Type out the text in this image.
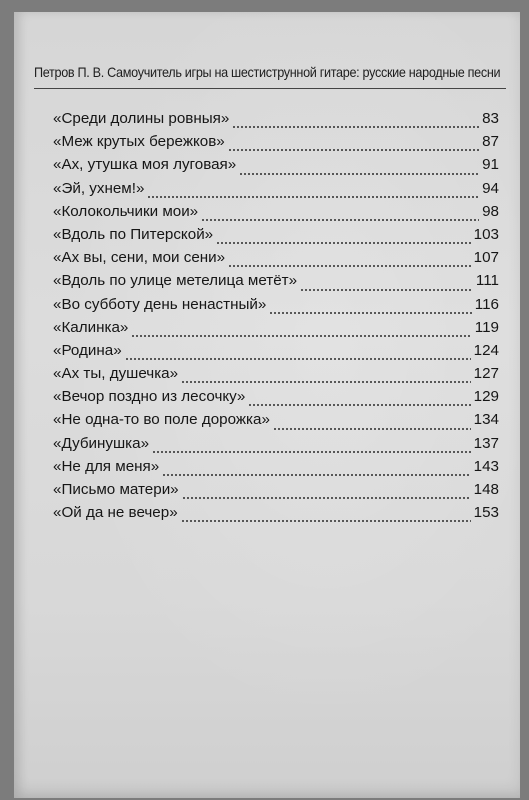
Петров П. В. Самоучитель игры на шестиструнной гитаре: русские народные песни
«Среди долины ровныя»	83
«Меж крутых бережков»	87
«Ах, утушка моя луговая»	91
«Эй, ухнем!»	94
«Колокольчики мои»	98
«Вдоль по Питерской»	103
«Ах вы, сени, мои сени»	107
«Вдоль по улице метелица метёт»	111
«Во субботу день ненастный»	116
«Калинка»	119
«Родина»	124
«Ах ты, душечка»	127
«Вечор поздно из лесочку»	129
«Не одна-то во поле дорожка»	134
«Дубинушка»	137
«Не для меня»	143
«Письмо матери»	148
«Ой да не вечер»	153
